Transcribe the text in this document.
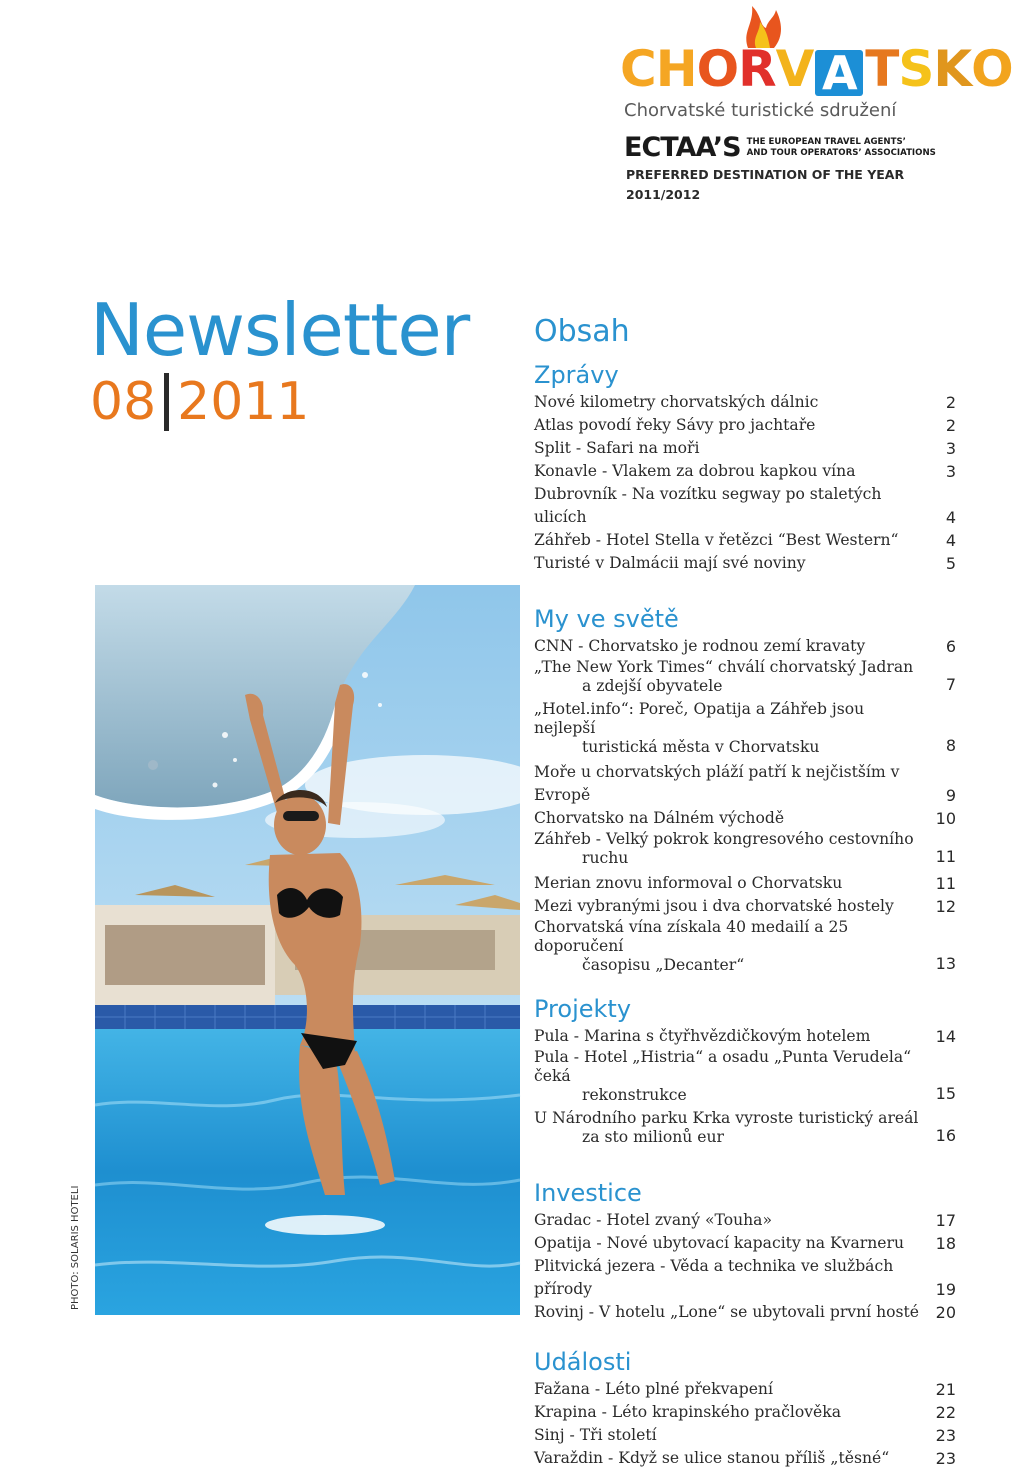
C H O R V A T S K O
Chorvatské turistické sdružení
ECTAA’S THE EUROPEAN TRAVEL AGENTS’
AND TOUR OPERATORS’ ASSOCIATIONS
PREFERRED DESTINATION OF THE YEAR
2011/2012
Newsletter
08 2011
PHOTO: SOLARIS HOTELI
Obsah
Zprávy
Nové kilometry chorvatských dálnic	2
Atlas povodí řeky Sávy pro jachtaře	2
Split - Safari na moři	3
Konavle - Vlakem za dobrou kapkou vína	3
Dubrovník - Na vozítku segway po staletých ulicích	4
Záhřeb - Hotel Stella v řetězci “Best Western“	4
Turisté v Dalmácii mají své noviny	5
My ve světě
CNN - Chorvatsko je rodnou zemí kravaty	6
„The New York Times“ chválí chorvatský Jadran
a zdejší obyvatele	7
„Hotel.info“: Poreč, Opatija a Záhřeb jsou nejlepší
turistická města v Chorvatsku	8
Moře u chorvatských pláží patří k nejčistším v Evropě	9
Chorvatsko na Dálném východě	10
Záhřeb - Velký pokrok kongresového cestovního
ruchu	11
Merian znovu informoval o Chorvatsku	11
Mezi vybranými jsou i dva chorvatské hostely	12
Chorvatská vína získala 40 medailí a 25 doporučení
časopisu „Decanter“	13
Projekty
Pula - Marina s čtyřhvězdičkovým hotelem	14
Pula - Hotel „Histria“ a osadu „Punta Verudela“ čeká
rekonstrukce	15
U Národního parku Krka vyroste turistický areál
za sto milionů eur	16
Investice
Gradac - Hotel zvaný «Touha»	17
Opatija - Nové ubytovací kapacity na Kvarneru	18
Plitvická jezera - Věda a technika ve službách přírody	19
Rovinj - V hotelu „Lone“ se ubytovali první hosté	20
Události
Fažana - Léto plné překvapení	21
Krapina - Léto krapinského pračlověka	22
Sinj - Tři století	23
Varaždin - Když se ulice stanou příliš „těsné“	23
